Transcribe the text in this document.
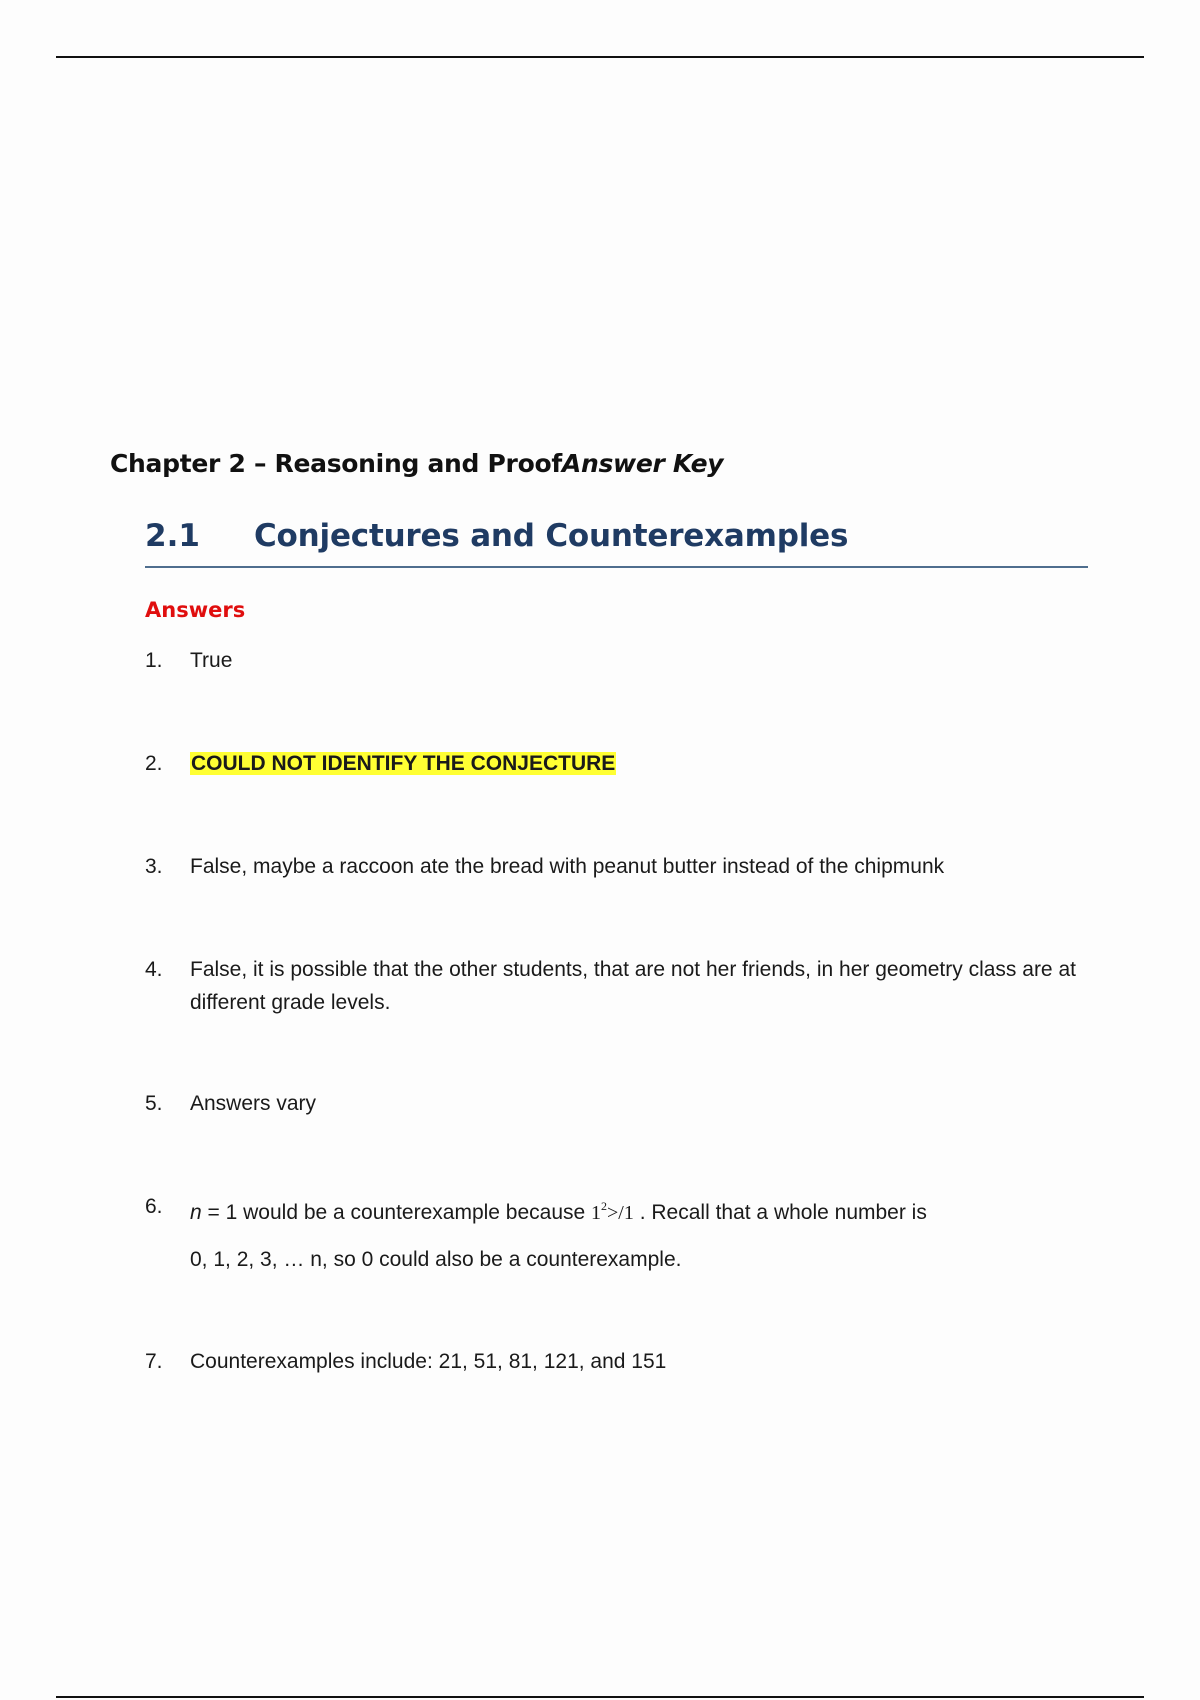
Chapter 2 – Reasoning and ProofAnswer Key
2.1 Conjectures and Counterexamples
Answers
1. True
2. COULD NOT IDENTIFY THE CONJECTURE
3. False, maybe a raccoon ate the bread with peanut butter instead of the chipmunk
4. False, it is possible that the other students, that are not her friends, in her geometry class are at different grade levels.
5. Answers vary
6. n = 1 would be a counterexample because $1^2>/1$ . Recall that a whole number is
0, 1, 2, 3, … n, so 0 could also be a counterexample.
7. Counterexamples include: 21, 51, 81, 121, and 151
